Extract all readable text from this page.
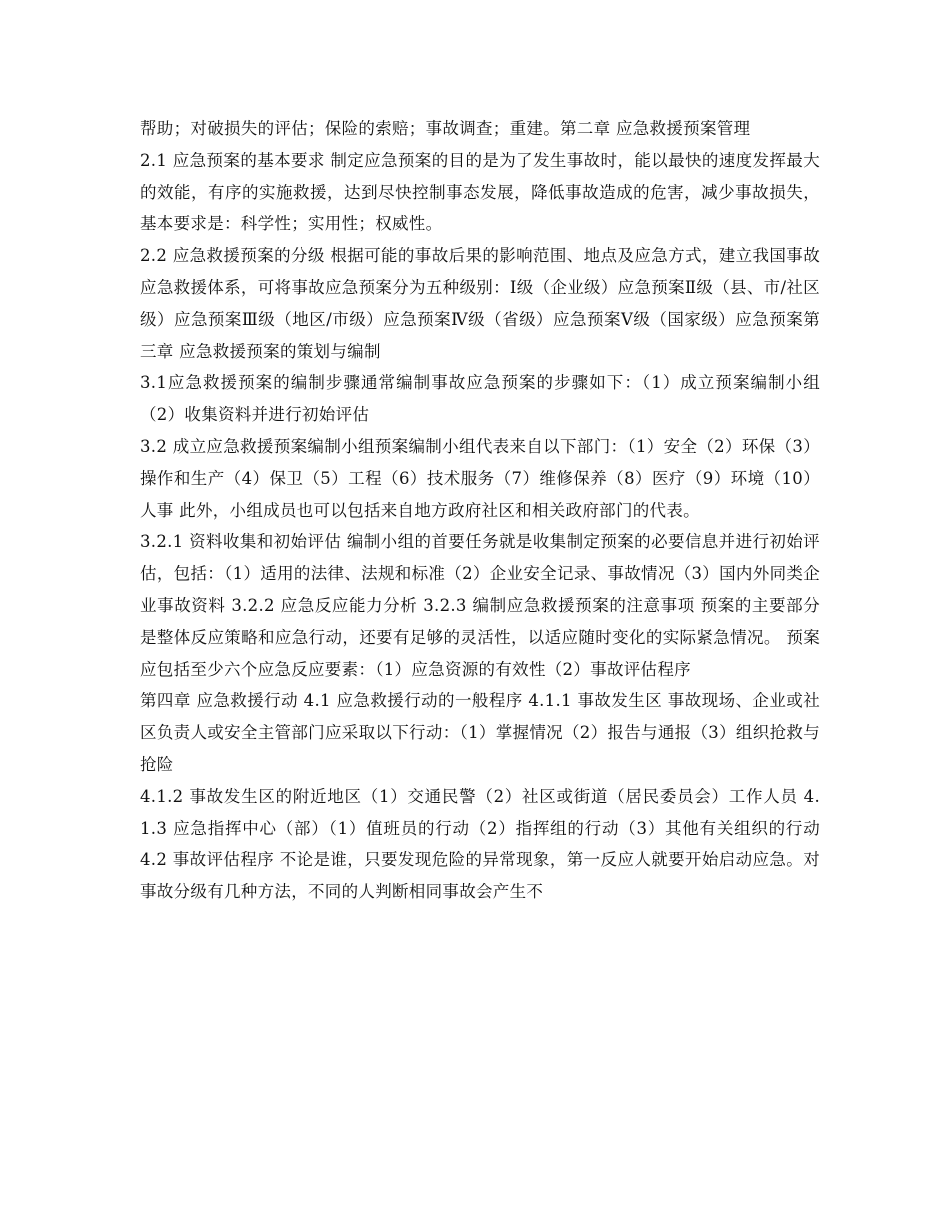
帮助；对破损失的评估；保险的索赔；事故调查；重建。第二章 应急救援预案管理

2.1 应急预案的基本要求 制定应急预案的目的是为了发生事故时，能以最快的速度发挥最大的效能，有序的实施救援，达到尽快控制事态发展，降低事故造成的危害，减少事故损失，基本要求是：科学性；实用性；权威性。

2.2 应急救援预案的分级 根据可能的事故后果的影响范围、地点及应急方式，建立我国事故应急救援体系，可将事故应急预案分为五种级别：Ⅰ级（企业级）应急预案Ⅱ级（县、市/社区级）应急预案Ⅲ级（地区/市级）应急预案Ⅳ级（省级）应急预案Ⅴ级（国家级）应急预案第三章 应急救援预案的策划与编制

3.1应急救援预案的编制步骤通常编制事故应急预案的步骤如下：（1）成立预案编制小组（2）收集资料并进行初始评估

3.2 成立应急救援预案编制小组预案编制小组代表来自以下部门：（1）安全（2）环保（3）操作和生产（4）保卫（5）工程（6）技术服务（7）维修保养（8）医疗（9）环境（10）人事 此外，小组成员也可以包括来自地方政府社区和相关政府部门的代表。

3.2.1 资料收集和初始评估 编制小组的首要任务就是收集制定预案的必要信息并进行初始评估，包括：（1）适用的法律、法规和标准（2）企业安全记录、事故情况（3）国内外同类企业事故资料 3.2.2 应急反应能力分析 3.2.3 编制应急救援预案的注意事项 预案的主要部分是整体反应策略和应急行动，还要有足够的灵活性，以适应随时变化的实际紧急情况。 预案应包括至少六个应急反应要素：（1）应急资源的有效性（2）事故评估程序

第四章 应急救援行动 4.1 应急救援行动的一般程序 4.1.1 事故发生区 事故现场、企业或社区负责人或安全主管部门应采取以下行动：（1）掌握情况（2）报告与通报（3）组织抢救与抢险

4.1.2 事故发生区的附近地区（1）交通民警（2）社区或街道（居民委员会）工作人员 4.1.3 应急指挥中心（部）（1）值班员的行动（2）指挥组的行动（3）其他有关组织的行动 4.2 事故评估程序 不论是谁，只要发现危险的异常现象，第一反应人就要开始启动应急。对事故分级有几种方法，不同的人判断相同事故会产生不
